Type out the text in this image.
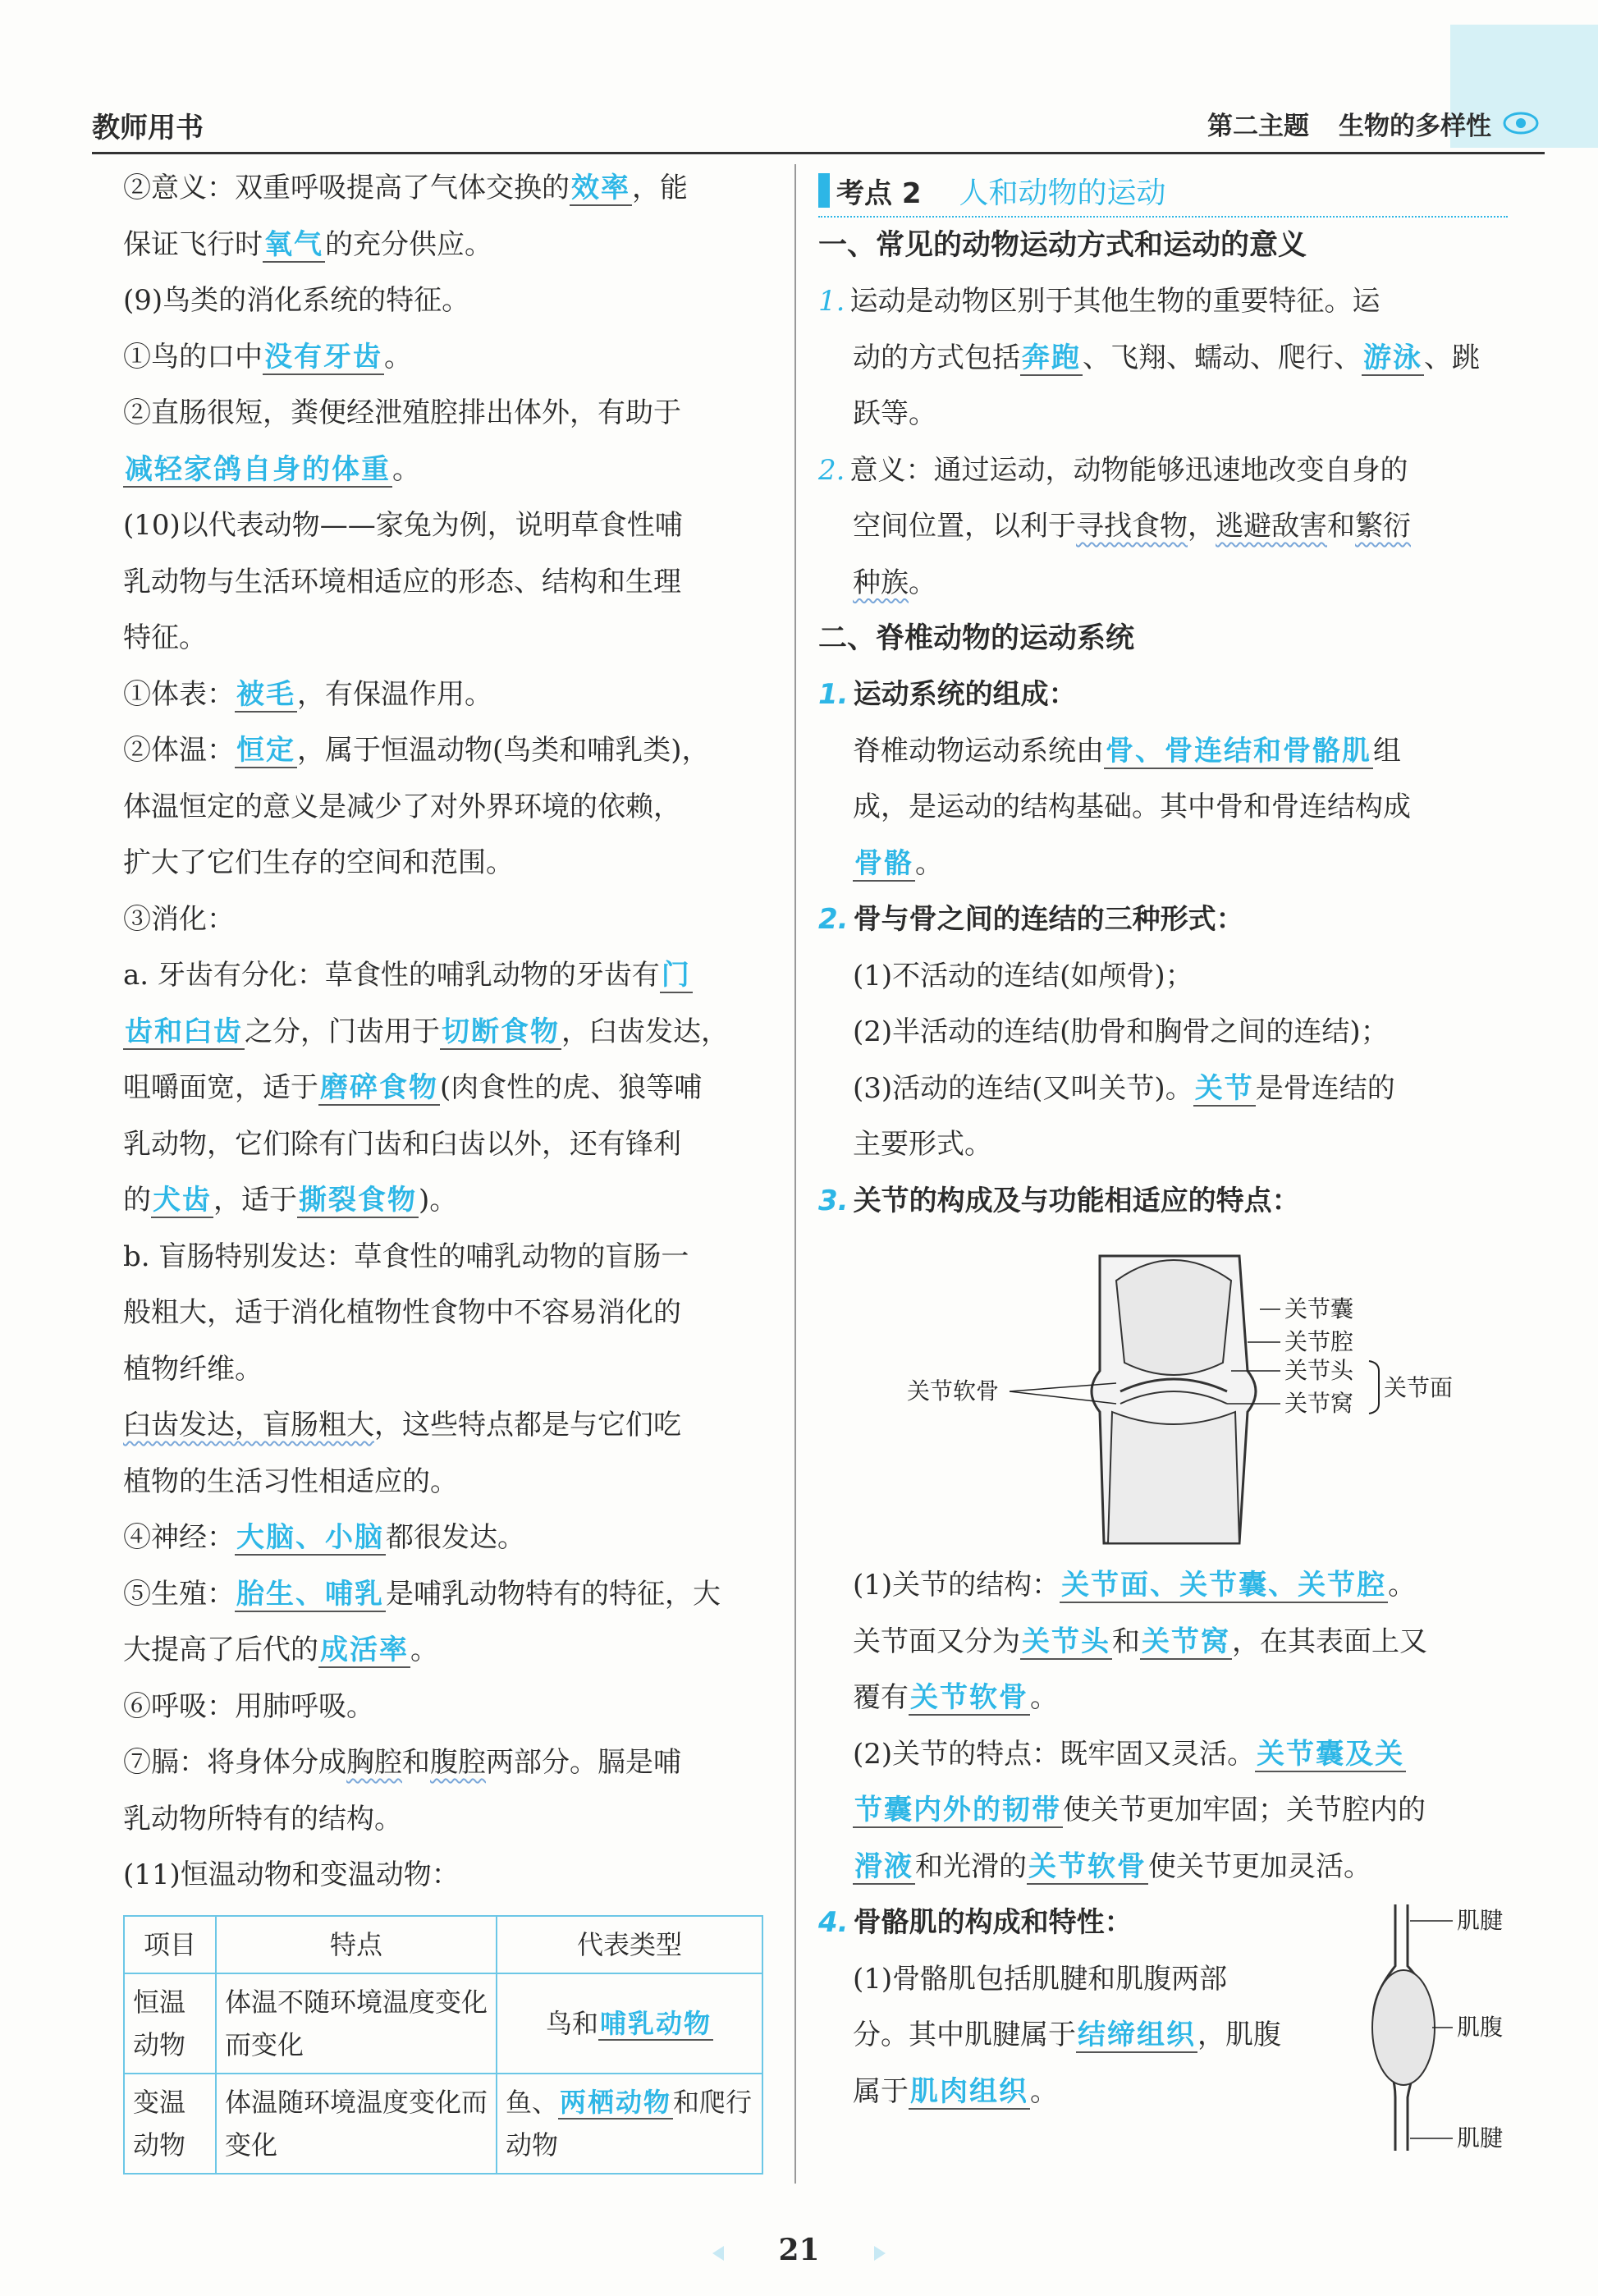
教师用书	第二主题 生物的多样性

②意义：双重呼吸提高了气体交换的效率，能

保证飞行时氧气的充分供应。

(9)鸟类的消化系统的特征。

①鸟的口中没有牙齿。

②直肠很短，粪便经泄殖腔排出体外，有助于

减轻家鸽自身的体重。

(10)以代表动物——家兔为例，说明草食性哺

乳动物与生活环境相适应的形态、结构和生理

特征。

①体表：被毛，有保温作用。

②体温：恒定，属于恒温动物(鸟类和哺乳类)，

体温恒定的意义是减少了对外界环境的依赖，

扩大了它们生存的空间和范围。

③消化：

a. 牙齿有分化：草食性的哺乳动物的牙齿有门

齿和臼齿之分，门齿用于切断食物，臼齿发达，

咀嚼面宽，适于磨碎食物(肉食性的虎、狼等哺

乳动物，它们除有门齿和臼齿以外，还有锋利

的犬齿，适于撕裂食物)。

b. 盲肠特别发达：草食性的哺乳动物的盲肠一

般粗大，适于消化植物性食物中不容易消化的

植物纤维。

臼齿发达，盲肠粗大，这些特点都是与它们吃

植物的生活习性相适应的。

④神经：大脑、小脑都很发达。

⑤生殖：胎生、哺乳是哺乳动物特有的特征，大

大提高了后代的成活率。

⑥呼吸：用肺呼吸。

⑦膈：将身体分成胸腔和腹腔两部分。膈是哺

乳动物所特有的结构。

(11)恒温动物和变温动物：

项目	特点	代表类型
恒温动物	体温不随环境温度变化而变化	鸟和哺乳动物
变温动物	体温随环境温度变化而变化	鱼、两栖动物和爬行动物
考点 2 人和动物的运动

一、常见的动物运动方式和运动的意义

1. 运动是动物区别于其他生物的重要特征。运

动的方式包括奔跑、飞翔、蠕动、爬行、游泳、跳

跃等。

2. 意义：通过运动，动物能够迅速地改变自身的

空间位置，以利于寻找食物，逃避敌害和繁衍

种族。

二、脊椎动物的运动系统

1. 运动系统的组成：

脊椎动物运动系统由骨、骨连结和骨骼肌组

成，是运动的结构基础。其中骨和骨连结构成

骨骼。

2. 骨与骨之间的连结的三种形式：

(1)不活动的连结(如颅骨)；

(2)半活动的连结(肋骨和胸骨之间的连结)；

(3)活动的连结(又叫关节)。关节是骨连结的

主要形式。

3. 关节的构成及与功能相适应的特点：

(1)关节的结构：关节面、关节囊、关节腔。

关节面又分为关节头和关节窝，在其表面上又

覆有关节软骨。

(2)关节的特点：既牢固又灵活。关节囊及关

节囊内外的韧带使关节更加牢固；关节腔内的

滑液和光滑的关节软骨使关节更加灵活。

4. 骨骼肌的构成和特性：

(1)骨骼肌包括肌腱和肌腹两部

分。其中肌腱属于结缔组织，肌腹

属于肌肉组织。

关节囊
关节腔
关节头
关节窝
关节面
关节软骨
肌腱
肌腹
肌腱
21
